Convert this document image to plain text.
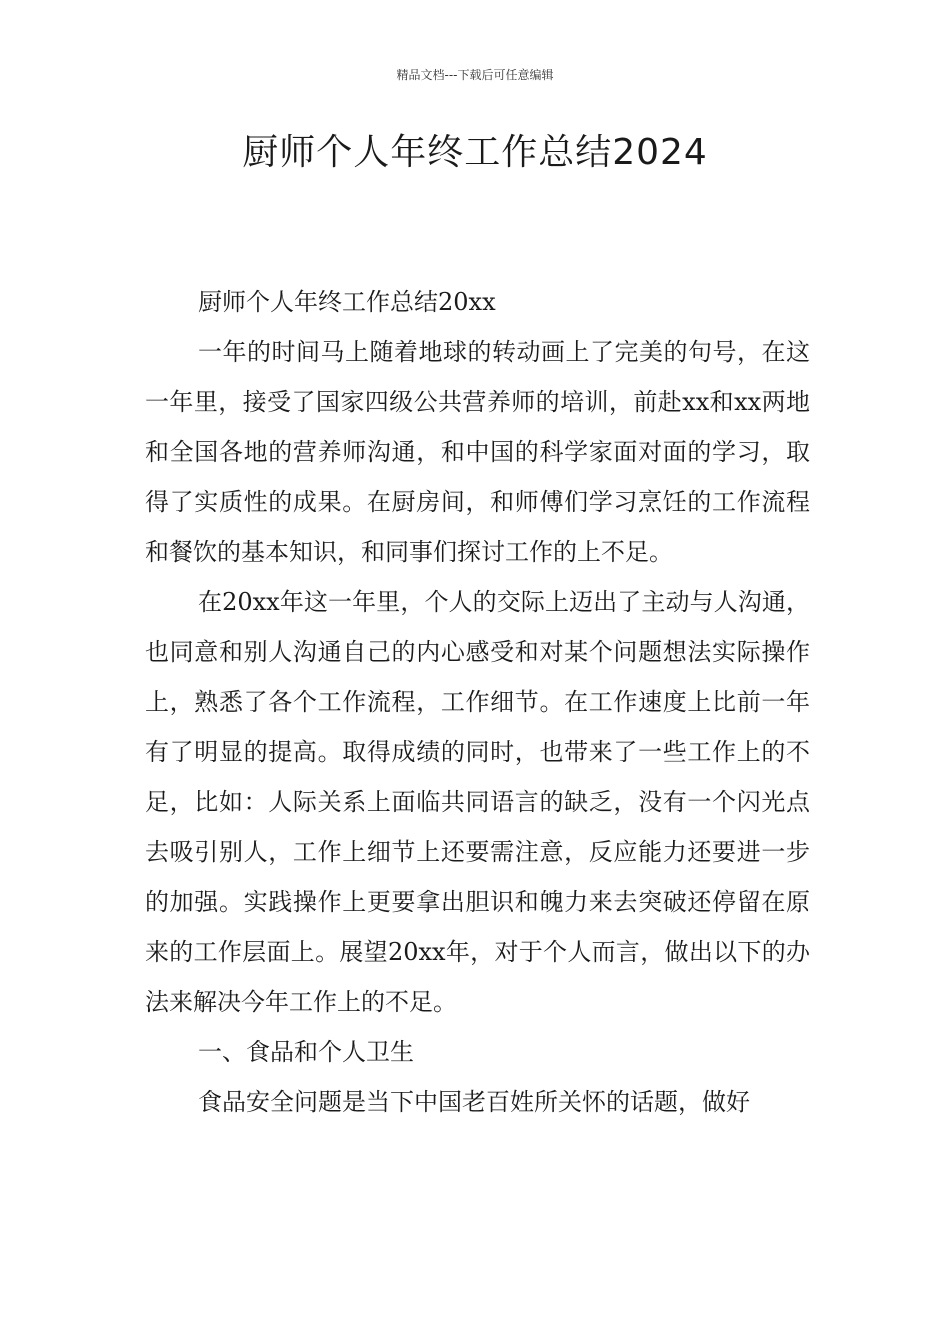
精品文档---下载后可任意编辑
厨师个人年终工作总结2024

厨师个人年终工作总结20xx

一年的时间马上随着地球的转动画上了完美的句号，在这一年里，接受了国家四级公共营养师的培训，前赴xx和xx两地和全国各地的营养师沟通，和中国的科学家面对面的学习，取得了实质性的成果。在厨房间，和师傅们学习烹饪的工作流程和餐饮的基本知识，和同事们探讨工作的上不足。

在20xx年这一年里，个人的交际上迈出了主动与人沟通，也同意和别人沟通自己的内心感受和对某个问题想法实际操作上，熟悉了各个工作流程，工作细节。在工作速度上比前一年有了明显的提高。取得成绩的同时，也带来了一些工作上的不足，比如：人际关系上面临共同语言的缺乏，没有一个闪光点去吸引别人，工作上细节上还要需注意，反应能力还要进一步的加强。实践操作上更要拿出胆识和魄力来去突破还停留在原来的工作层面上。展望20xx年，对于个人而言，做出以下的办法来解决今年工作上的不足。

一、食品和个人卫生

食品安全问题是当下中国老百姓所关怀的话题，做好
